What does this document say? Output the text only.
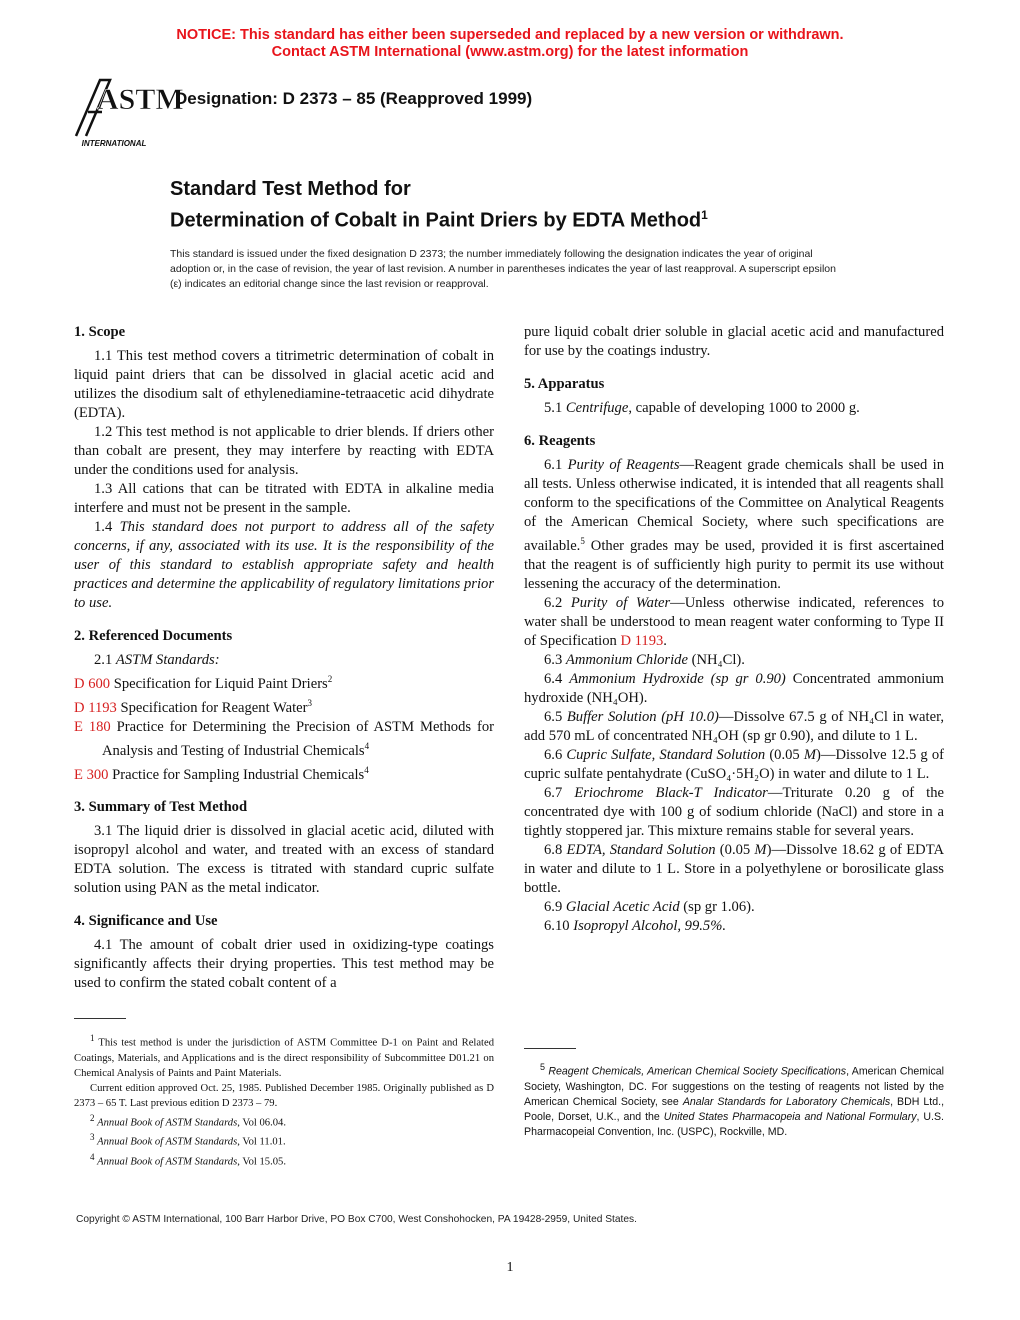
NOTICE: This standard has either been superseded and replaced by a new version or withdrawn.
Contact ASTM International (www.astm.org) for the latest information
ASTM
INTERNATIONAL
Designation: D 2373 – 85 (Reapproved 1999)
Standard Test Method for
Determination of Cobalt in Paint Driers by EDTA Method$^1$
This standard is issued under the fixed designation D 2373; the number immediately following the designation indicates the year of original adoption or, in the case of revision, the year of last revision. A number in parentheses indicates the year of last reapproval. A superscript epsilon (ε) indicates an editorial change since the last revision or reapproval.

1. Scope

1.1 This test method covers a titrimetric determination of cobalt in liquid paint driers that can be dissolved in glacial acetic acid and utilizes the disodium salt of ethylenediamine-tetraacetic acid dihydrate (EDTA).

1.2 This test method is not applicable to drier blends. If driers other than cobalt are present, they may interfere by reacting with EDTA under the conditions used for analysis.

1.3 All cations that can be titrated with EDTA in alkaline media interfere and must not be present in the sample.

1.4 This standard does not purport to address all of the safety concerns, if any, associated with its use. It is the responsibility of the user of this standard to establish appropriate safety and health practices and determine the applicability of regulatory limitations prior to use.

2. Referenced Documents

2.1 ASTM Standards:

D 600 Specification for Liquid Paint Driers$^2$

D 1193 Specification for Reagent Water$^3$

E 180 Practice for Determining the Precision of ASTM Methods for Analysis and Testing of Industrial Chemicals$^4$

E 300 Practice for Sampling Industrial Chemicals$^4$

3. Summary of Test Method

3.1 The liquid drier is dissolved in glacial acetic acid, diluted with isopropyl alcohol and water, and treated with an excess of standard EDTA solution. The excess is titrated with standard cupric sulfate solution using PAN as the metal indicator.

4. Significance and Use

4.1 The amount of cobalt drier used in oxidizing-type coatings significantly affects their drying properties. This test method may be used to confirm the stated cobalt content of a

pure liquid cobalt drier soluble in glacial acetic acid and manufactured for use by the coatings industry.

5. Apparatus

5.1 Centrifuge, capable of developing 1000 to 2000 g.

6. Reagents

6.1 Purity of Reagents—Reagent grade chemicals shall be used in all tests. Unless otherwise indicated, it is intended that all reagents shall conform to the specifications of the Committee on Analytical Reagents of the American Chemical Society, where such specifications are available.$^5$ Other grades may be used, provided it is first ascertained that the reagent is of sufficiently high purity to permit its use without lessening the accuracy of the determination.

6.2 Purity of Water—Unless otherwise indicated, references to water shall be understood to mean reagent water conforming to Type II of Specification D 1193.

6.3 Ammonium Chloride (NH₄Cl).

6.4 Ammonium Hydroxide (sp gr 0.90) Concentrated ammonium hydroxide (NH₄OH).

6.5 Buffer Solution (pH 10.0)—Dissolve 67.5 g of NH₄Cl in water, add 570 mL of concentrated NH₄OH (sp gr 0.90), and dilute to 1 L.

6.6 Cupric Sulfate, Standard Solution (0.05 M)—Dissolve 12.5 g of cupric sulfate pentahydrate (CuSO₄·5H₂O) in water and dilute to 1 L.

6.7 Eriochrome Black-T Indicator—Triturate 0.20 g of the concentrated dye with 100 g of sodium chloride (NaCl) and store in a tightly stoppered jar. This mixture remains stable for several years.

6.8 EDTA, Standard Solution (0.05 M)—Dissolve 18.62 g of EDTA in water and dilute to 1 L. Store in a polyethylene or borosilicate glass bottle.

6.9 Glacial Acetic Acid (sp gr 1.06).

6.10 Isopropyl Alcohol, 99.5%.

$^1$ This test method is under the jurisdiction of ASTM Committee D-1 on Paint and Related Coatings, Materials, and Applications and is the direct responsibility of Subcommittee D01.21 on Chemical Analysis of Paints and Paint Materials.
Current edition approved Oct. 25, 1985. Published December 1985. Originally published as D 2373 – 65 T. Last previous edition D 2373 – 79.
$^2$ Annual Book of ASTM Standards, Vol 06.04.
$^3$ Annual Book of ASTM Standards, Vol 11.01.
$^4$ Annual Book of ASTM Standards, Vol 15.05.
$^5$ Reagent Chemicals, American Chemical Society Specifications, American Chemical Society, Washington, DC. For suggestions on the testing of reagents not listed by the American Chemical Society, see Analar Standards for Laboratory Chemicals, BDH Ltd., Poole, Dorset, U.K., and the United States Pharmacopeia and National Formulary, U.S. Pharmacopeial Convention, Inc. (USPC), Rockville, MD.
Copyright © ASTM International, 100 Barr Harbor Drive, PO Box C700, West Conshohocken, PA 19428-2959, United States.
1
